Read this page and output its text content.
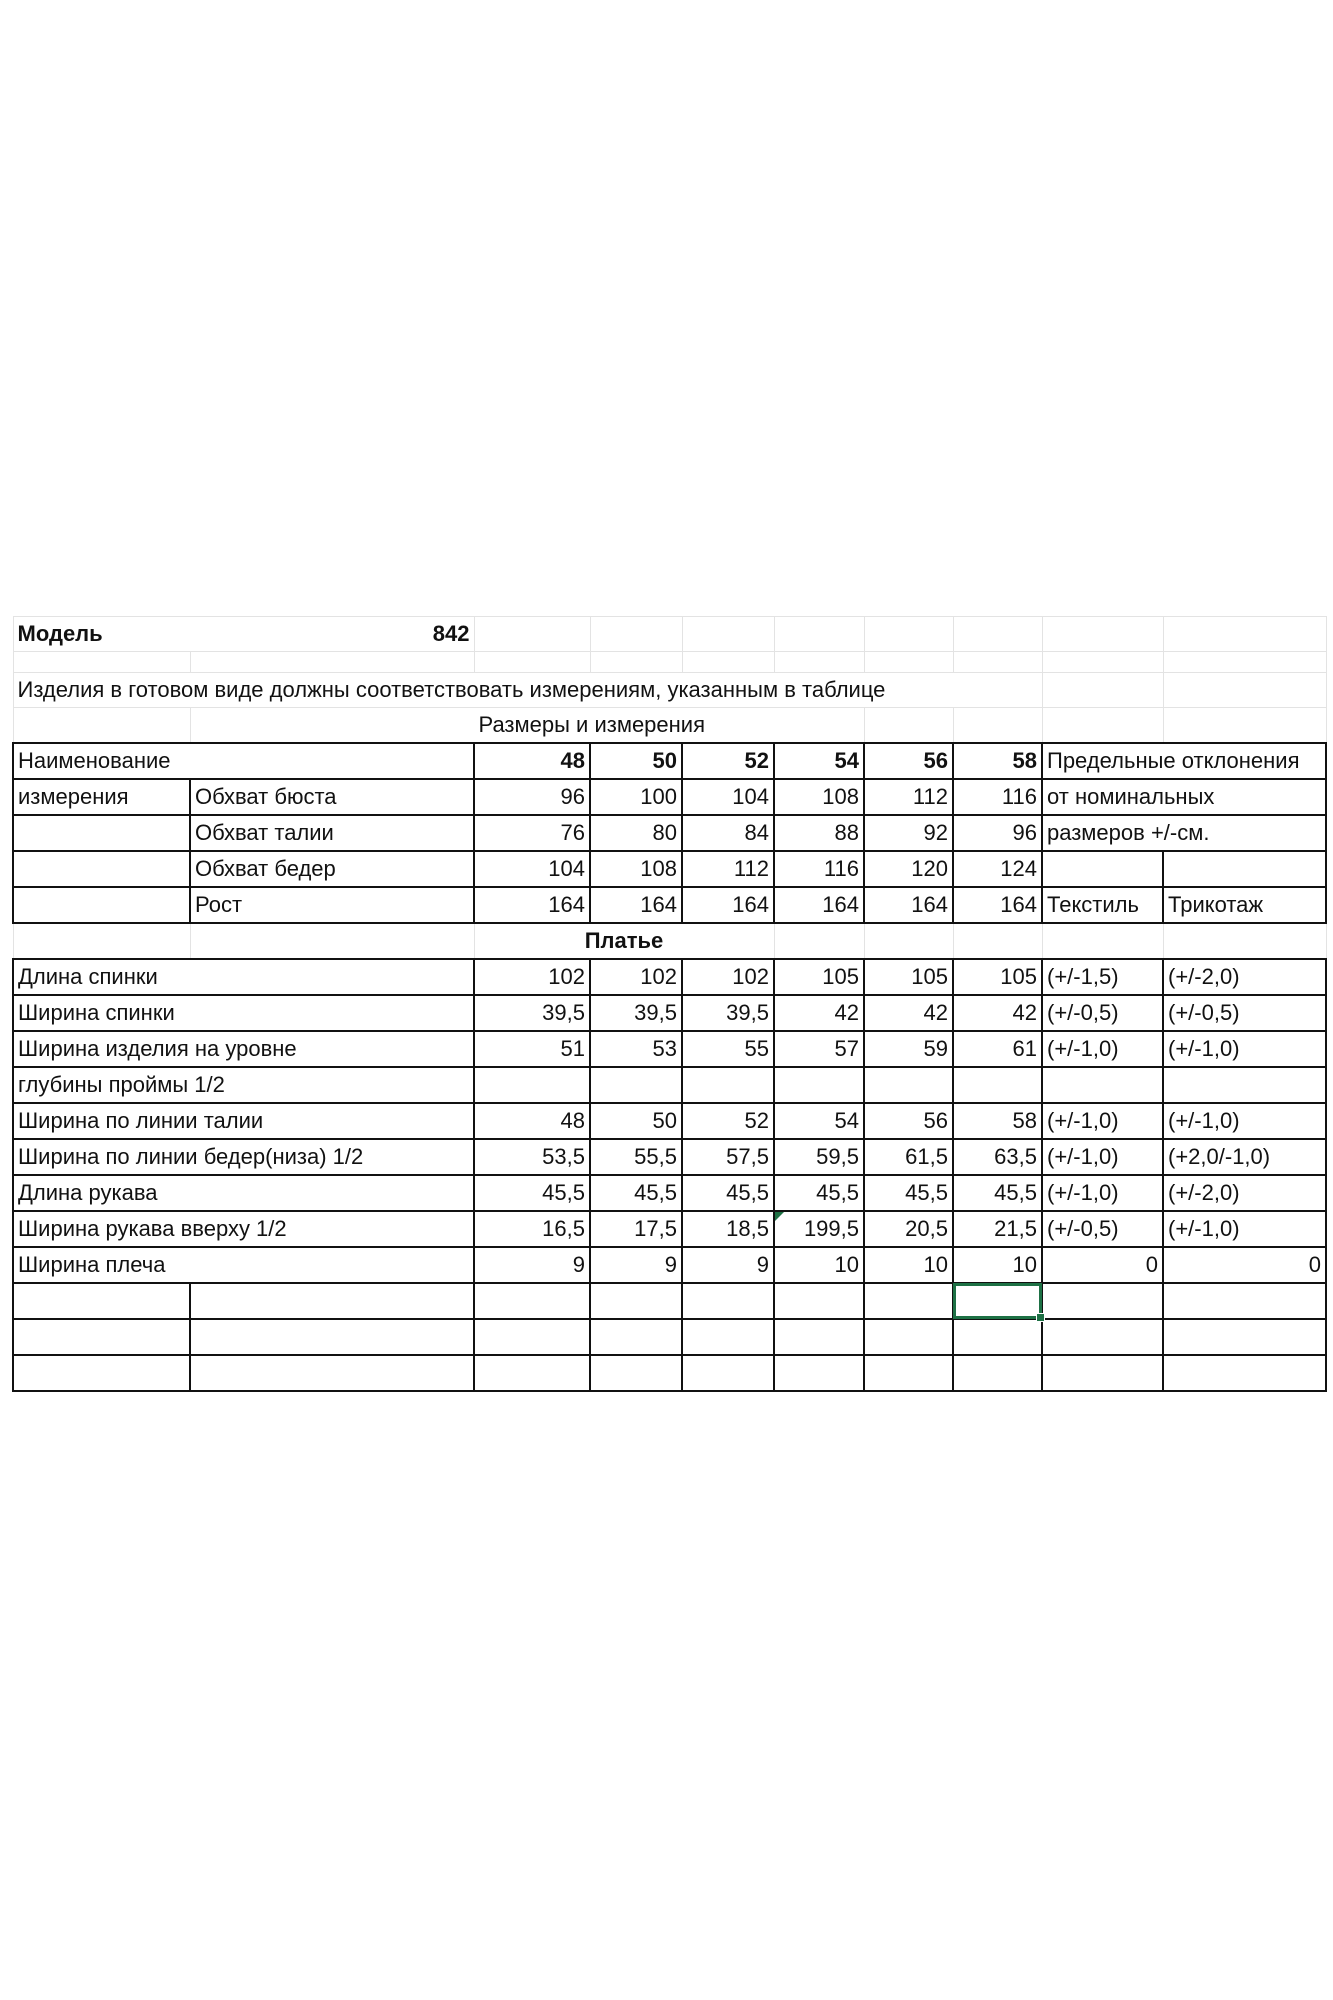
Модель	842								

Изделия в готовом виде должны соответствовать измерениям, указанным в таблице									
		Размеры и измерения							
Наименование		48	50	52	54	56	58	Предельные отклонения	
измерения	Обхват бюста	96	100	104	108	112	116	от номинальных	
	Обхват талии	76	80	84	88	92	96	размеров +/-см.	
	Обхват бедер	104	108	112	116	120	124		
	Рост	164	164	164	164	164	164	Текстиль	Трикотаж
		Платье							
Длина спинки		102	102	102	105	105	105	(+/-1,5)	(+/-2,0)
Ширина спинки		39,5	39,5	39,5	42	42	42	(+/-0,5)	(+/-0,5)
Ширина изделия на уровне		51	53	55	57	59	61	(+/-1,0)	(+/-1,0)
глубины проймы 1/2									
Ширина по линии талии		48	50	52	54	56	58	(+/-1,0)	(+/-1,0)
Ширина по линии бедер(низа) 1/2		53,5	55,5	57,5	59,5	61,5	63,5	(+/-1,0)	(+2,0/-1,0)
Длина рукава		45,5	45,5	45,5	45,5	45,5	45,5	(+/-1,0)	(+/-2,0)
Ширина рукава вверху 1/2		16,5	17,5	18,5	199,5	20,5	21,5	(+/-0,5)	(+/-1,0)
Ширина плеча		9	9	9	10	10	10	0	0
